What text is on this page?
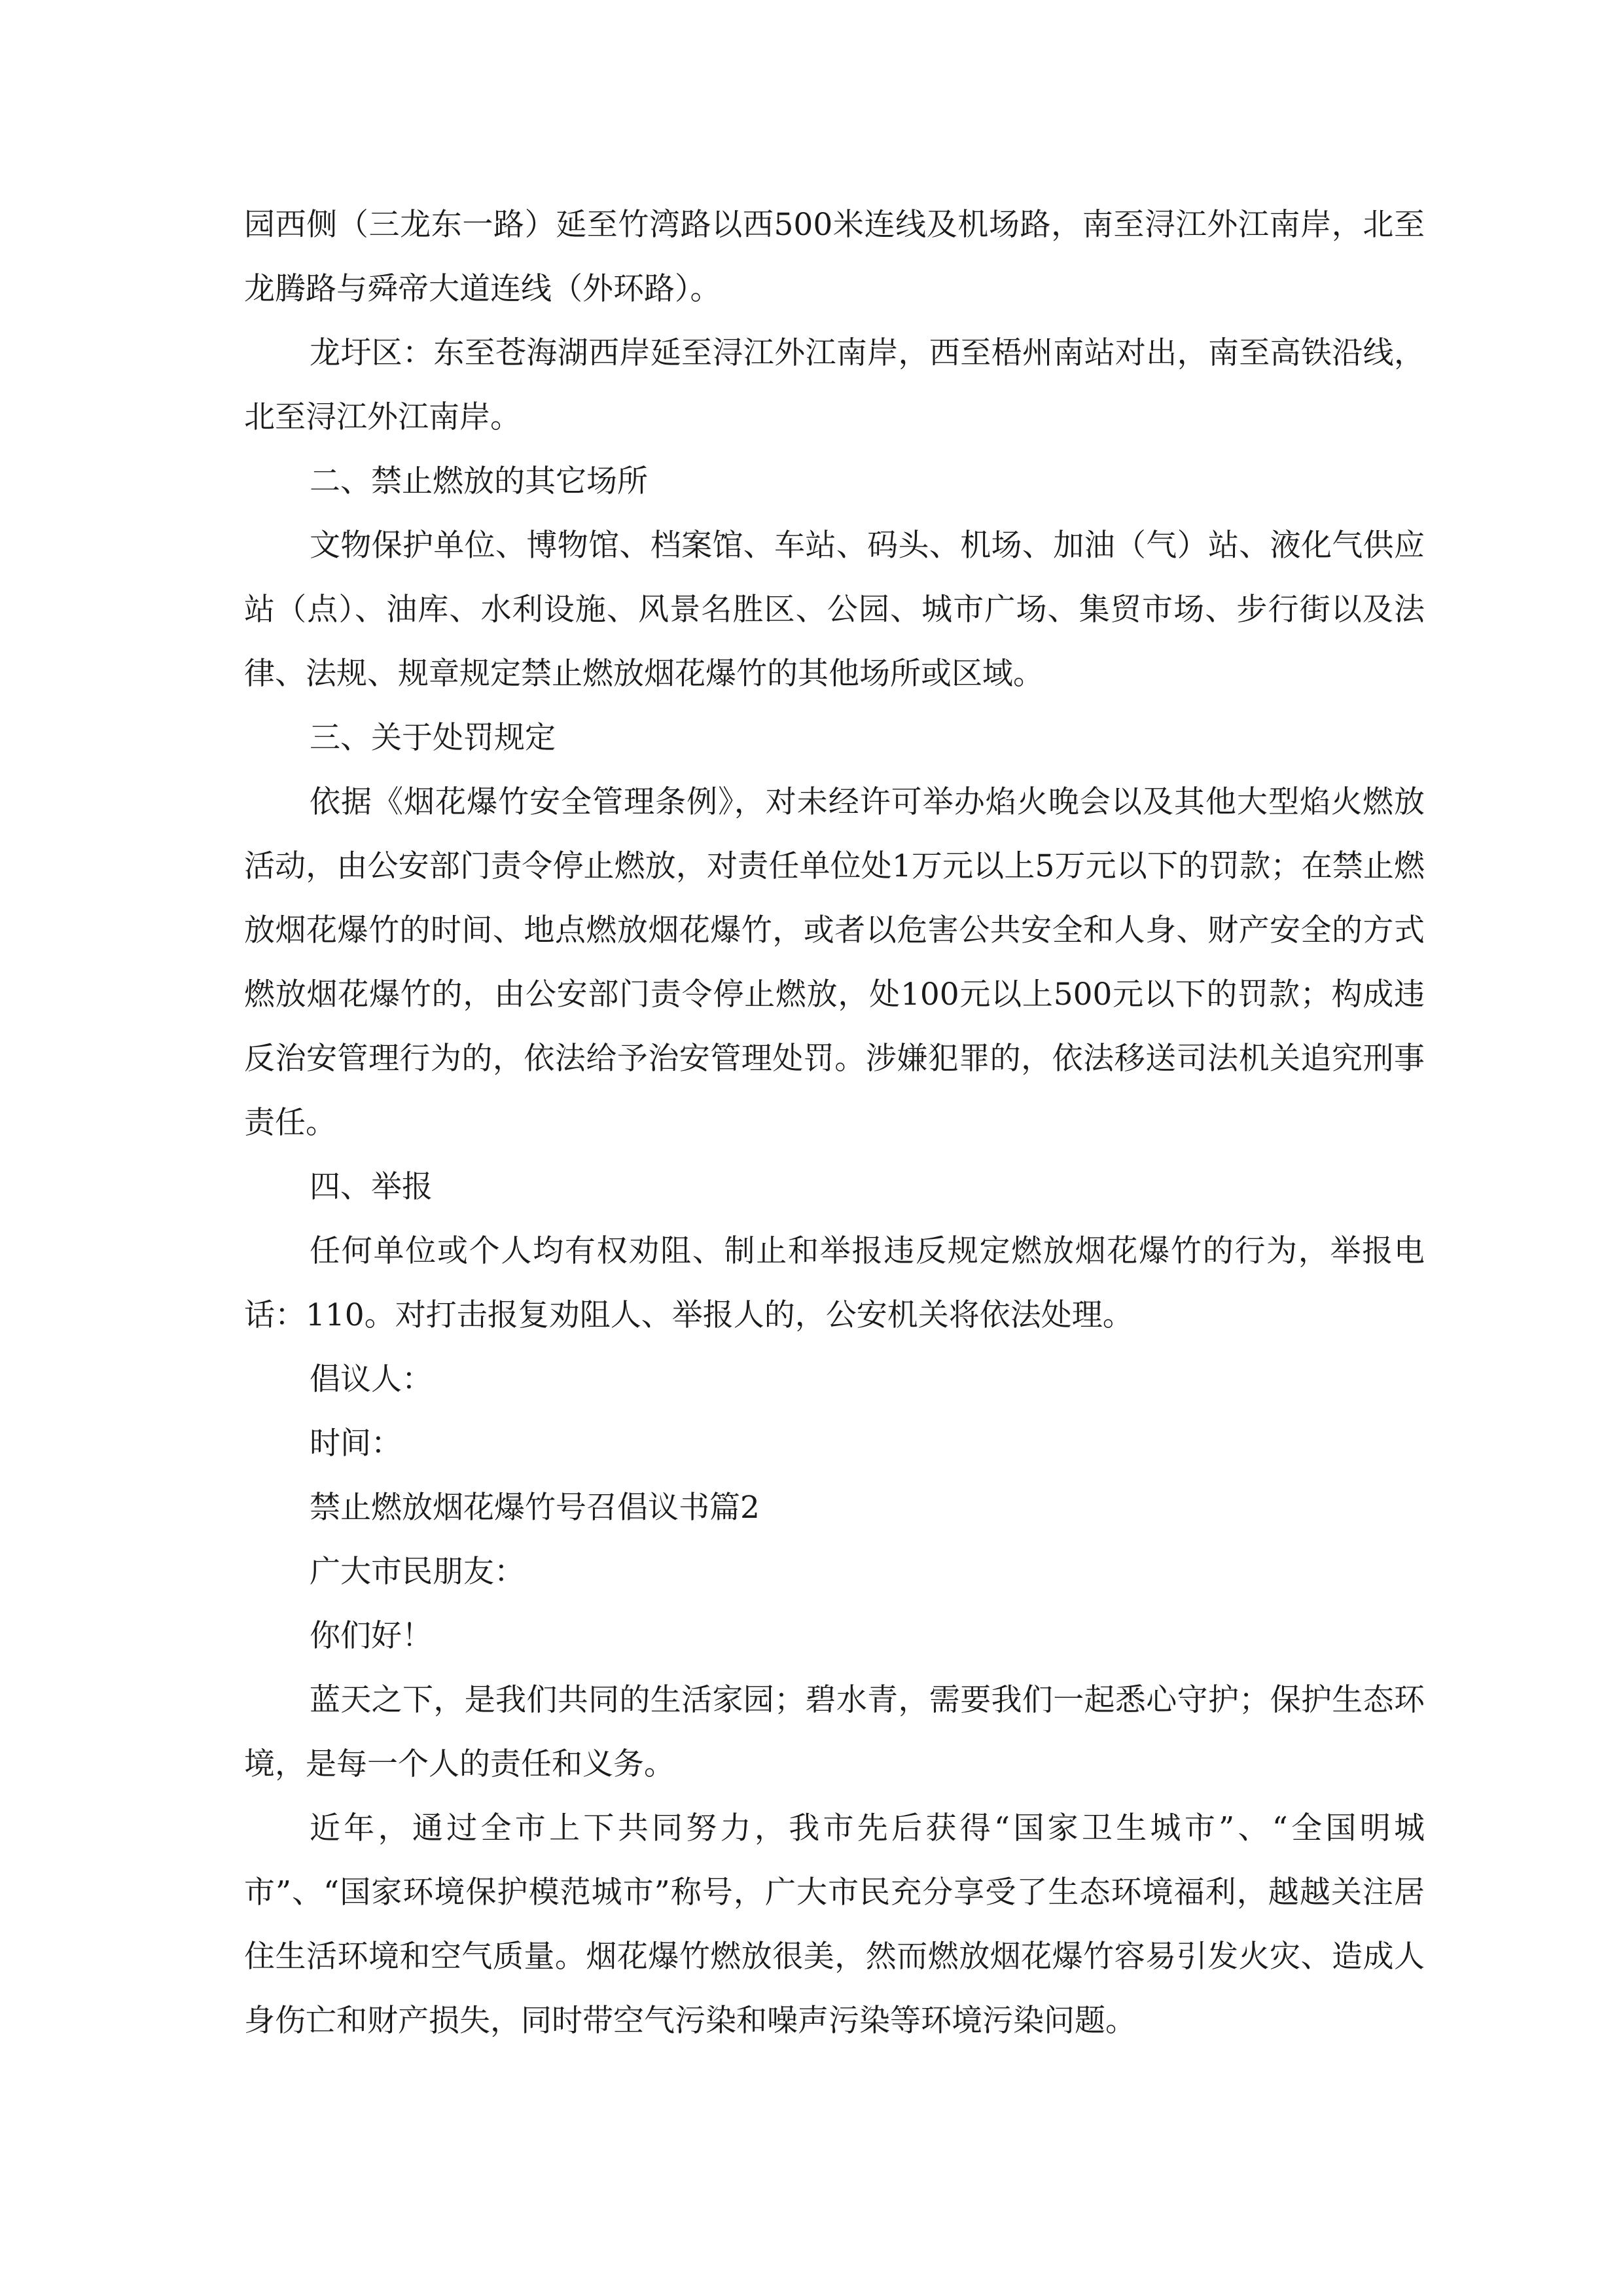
园西侧（三龙东一路）延至竹湾路以西500米连线及机场路，南至浔江外江南岸，北至龙腾路与舜帝大道连线（外环路）。

龙圩区：东至苍海湖西岸延至浔江外江南岸，西至梧州南站对出，南至高铁沿线，北至浔江外江南岸。

二、禁止燃放的其它场所

文物保护单位、博物馆、档案馆、车站、码头、机场、加油（气）站、液化气供应站（点）、油库、水利设施、风景名胜区、公园、城市广场、集贸市场、步行街以及法律、法规、规章规定禁止燃放烟花爆竹的其他场所或区域。

三、关于处罚规定

依据《烟花爆竹安全管理条例》，对未经许可举办焰火晚会以及其他大型焰火燃放活动，由公安部门责令停止燃放，对责任单位处1万元以上5万元以下的罚款；在禁止燃放烟花爆竹的时间、地点燃放烟花爆竹，或者以危害公共安全和人身、财产安全的方式燃放烟花爆竹的，由公安部门责令停止燃放，处100元以上500元以下的罚款；构成违反治安管理行为的，依法给予治安管理处罚。涉嫌犯罪的，依法移送司法机关追究刑事责任。

四、举报

任何单位或个人均有权劝阻、制止和举报违反规定燃放烟花爆竹的行为，举报电话：110。对打击报复劝阻人、举报人的，公安机关将依法处理。

倡议人：

时间：

禁止燃放烟花爆竹号召倡议书篇2

广大市民朋友：

你们好！

蓝天之下，是我们共同的生活家园；碧水青，需要我们一起悉心守护；保护生态环境，是每一个人的责任和义务。

近年，通过全市上下共同努力，我市先后获得“国家卫生城市”、“全国明城市”、“国家环境保护模范城市”称号，广大市民充分享受了生态环境福利，越越关注居住生活环境和空气质量。烟花爆竹燃放很美，然而燃放烟花爆竹容易引发火灾、造成人身伤亡和财产损失，同时带空气污染和噪声污染等环境污染问题。
